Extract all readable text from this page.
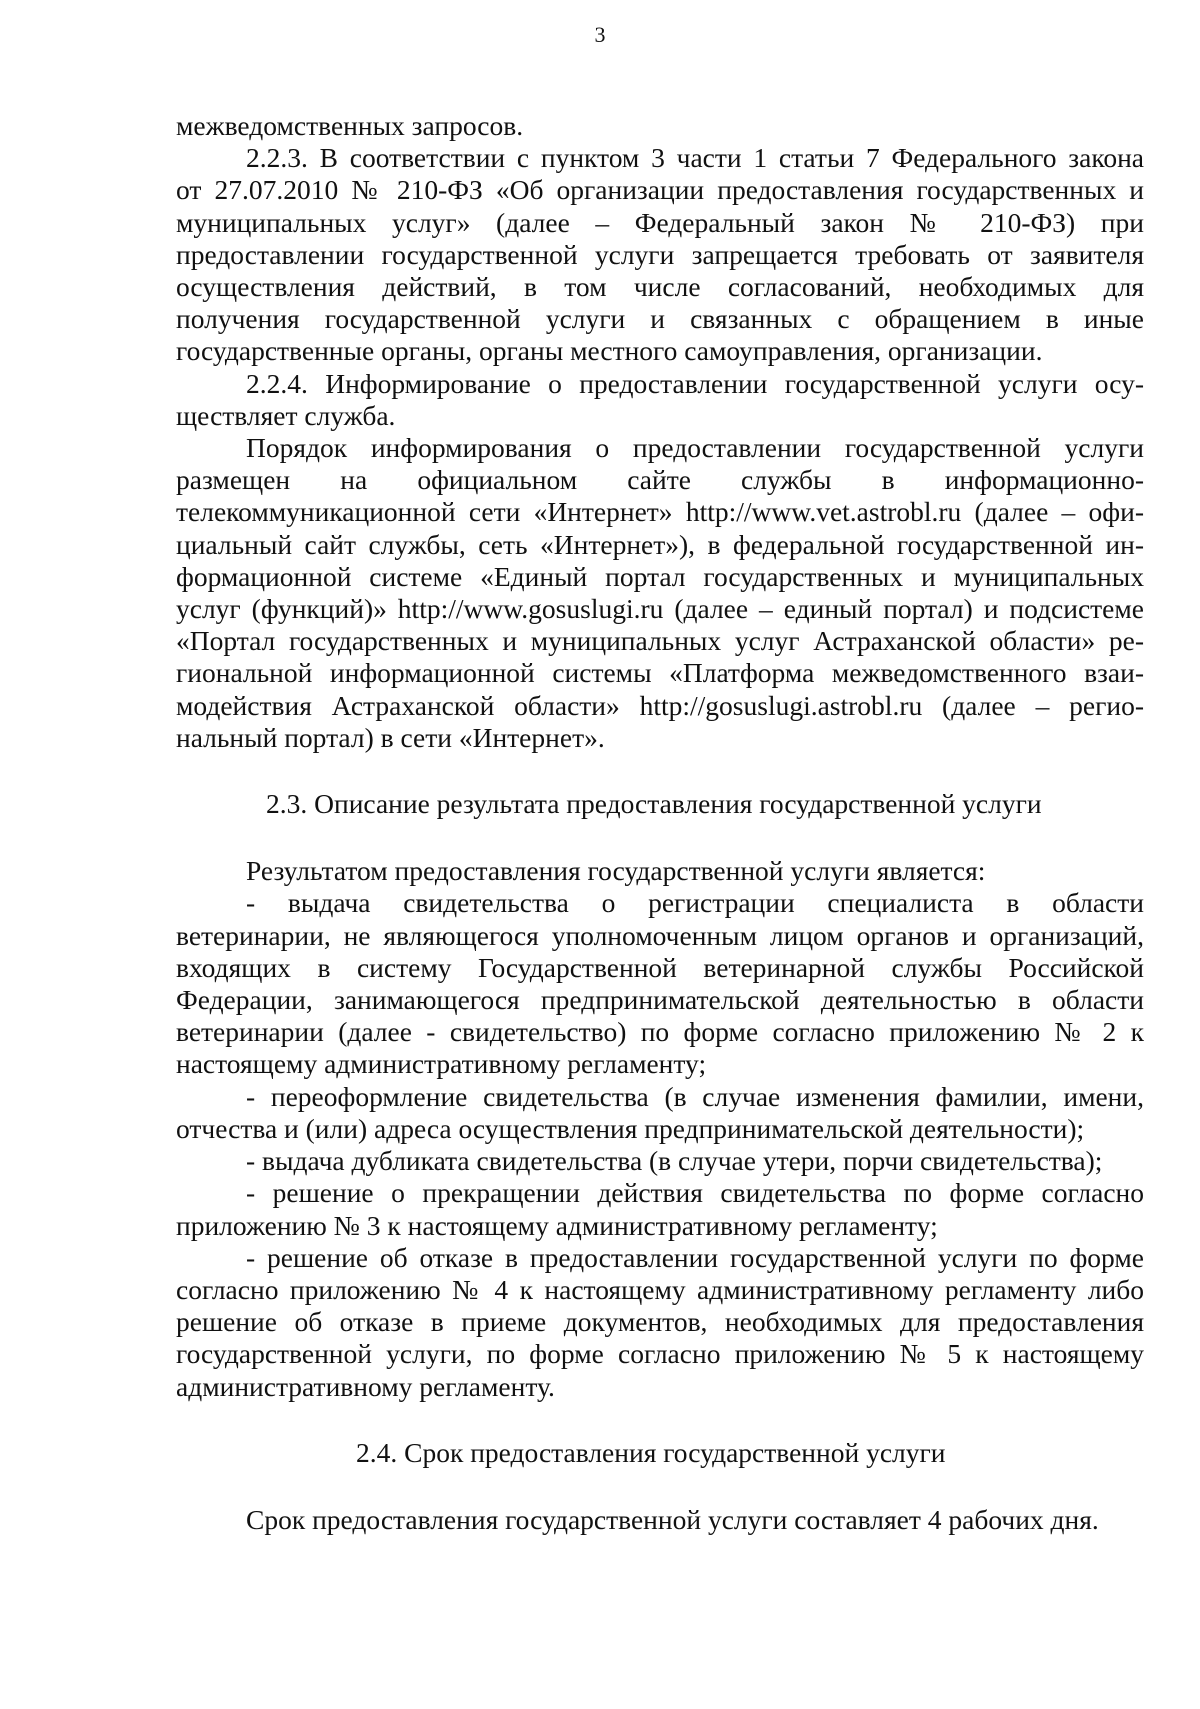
3
межведомственных запросов.
2.2.3. В соответствии с пунктом 3 части 1 статьи 7 Федерального закона
от 27.07.2010 № 210-ФЗ «Об организации предоставления государственных и
муниципальных услуг» (далее – Федеральный закон № 210-ФЗ) при
предоставлении государственной услуги запрещается требовать от заявителя
осуществления действий, в том числе согласований, необходимых для
получения государственной услуги и связанных с обращением в иные
государственные органы, органы местного самоуправления, организации.
2.2.4. Информирование о предоставлении государственной услуги осу-
ществляет служба.
Порядок информирования о предоставлении государственной услуги
размещен на официальном сайте службы в информационно-
телекоммуникационной сети «Интернет» http://www.vet.astrobl.ru (далее – офи-
циальный сайт службы, сеть «Интернет»), в федеральной государственной ин-
формационной системе «Единый портал государственных и муниципальных
услуг (функций)» http://www.gosuslugi.ru (далее – единый портал) и подсистеме
«Портал государственных и муниципальных услуг Астраханской области» ре-
гиональной информационной системы «Платформа межведомственного взаи-
модействия Астраханской области» http://gosuslugi.astrobl.ru (далее – регио-
нальный портал) в сети «Интернет».
2.3. Описание результата предоставления государственной услуги
Результатом предоставления государственной услуги является:
- выдача свидетельства о регистрации специалиста в области
ветеринарии, не являющегося уполномоченным лицом органов и организаций,
входящих в систему Государственной ветеринарной службы Российской
Федерации, занимающегося предпринимательской деятельностью в области
ветеринарии (далее - свидетельство) по форме согласно приложению № 2 к
настоящему административному регламенту;
- переоформление свидетельства (в случае изменения фамилии, имени,
отчества и (или) адреса осуществления предпринимательской деятельности);
- выдача дубликата свидетельства (в случае утери, порчи свидетельства);
- решение о прекращении действия свидетельства по форме согласно
приложению № 3 к настоящему административному регламенту;
- решение об отказе в предоставлении государственной услуги по форме
согласно приложению № 4 к настоящему административному регламенту либо
решение об отказе в приеме документов, необходимых для предоставления
государственной услуги, по форме согласно приложению № 5 к настоящему
административному регламенту.
2.4. Срок предоставления государственной услуги
Срок предоставления государственной услуги составляет 4 рабочих дня.
